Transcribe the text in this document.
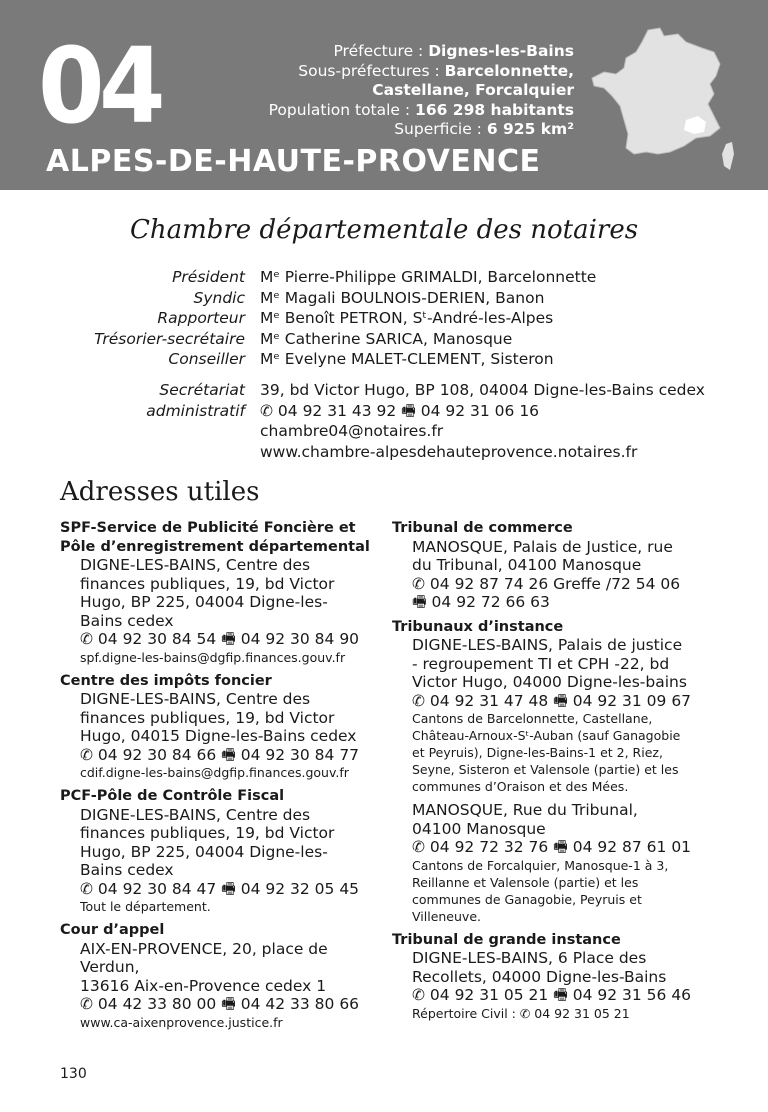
04
ALPES-DE-HAUTE-PROVENCE
Préfecture : Dignes-les-Bains
Sous-préfectures : Barcelonnette,
Castellane, Forcalquier
Population totale : 166 298 habitants
Superficie : 6 925 km²
Chambre départementale des notaires
Président Mᵉ Pierre-Philippe GRIMALDI, Barcelonnette
Syndic Mᵉ Magali BOULNOIS-DERIEN, Banon
Rapporteur Mᵉ Benoît PETRON, Sᵗ-André-les-Alpes
Trésorier-secrétaire Mᵉ Catherine SARICA, Manosque
Conseiller Mᵉ Evelyne MALET-CLEMENT, Sisteron
Secrétariat 39, bd Victor Hugo, BP 108, 04004 Digne-les-Bains cedex
administratif ✆ 04 92 31 43 92 🖷 04 92 31 06 16
chambre04@notaires.fr
www.chambre-alpesdehauteprovence.notaires.fr
Adresses utiles

SPF-Service de Publicité Foncière et

Pôle d’enregistrement départemental

DIGNE-LES-BAINS, Centre des

finances publiques, 19, bd Victor

Hugo, BP 225, 04004 Digne-les-

Bains cedex

✆ 04 92 30 84 54 🖷 04 92 30 84 90

spf.digne-les-bains@dgfip.finances.gouv.fr

Centre des impôts foncier

DIGNE-LES-BAINS, Centre des

finances publiques, 19, bd Victor

Hugo, 04015 Digne-les-Bains cedex

✆ 04 92 30 84 66 🖷 04 92 30 84 77

cdif.digne-les-bains@dgfip.finances.gouv.fr

PCF-Pôle de Contrôle Fiscal

DIGNE-LES-BAINS, Centre des

finances publiques, 19, bd Victor

Hugo, BP 225, 04004 Digne-les-

Bains cedex

✆ 04 92 30 84 47 🖷 04 92 32 05 45

Tout le département.

Cour d’appel

AIX-EN-PROVENCE, 20, place de

Verdun,

13616 Aix-en-Provence cedex 1

✆ 04 42 33 80 00 🖷 04 42 33 80 66

www.ca-aixenprovence.justice.fr

Tribunal de commerce

MANOSQUE, Palais de Justice, rue

du Tribunal, 04100 Manosque

✆ 04 92 87 74 26 Greffe /72 54 06

🖷 04 92 72 66 63

Tribunaux d’instance

DIGNE-LES-BAINS, Palais de justice

- regroupement TI et CPH -22, bd

Victor Hugo, 04000 Digne-les-bains

✆ 04 92 31 47 48 🖷 04 92 31 09 67

Cantons de Barcelonnette, Castellane,

Château-Arnoux-Sᵗ-Auban (sauf Ganagobie

et Peyruis), Digne-les-Bains-1 et 2, Riez,

Seyne, Sisteron et Valensole (partie) et les

communes d’Oraison et des Mées.

MANOSQUE, Rue du Tribunal,

04100 Manosque

✆ 04 92 72 32 76 🖷 04 92 87 61 01

Cantons de Forcalquier, Manosque-1 à 3,

Reillanne et Valensole (partie) et les

communes de Ganagobie, Peyruis et

Villeneuve.

Tribunal de grande instance

DIGNE-LES-BAINS, 6 Place des

Recollets, 04000 Digne-les-Bains

✆ 04 92 31 05 21 🖷 04 92 31 56 46

Répertoire Civil : ✆ 04 92 31 05 21

130
